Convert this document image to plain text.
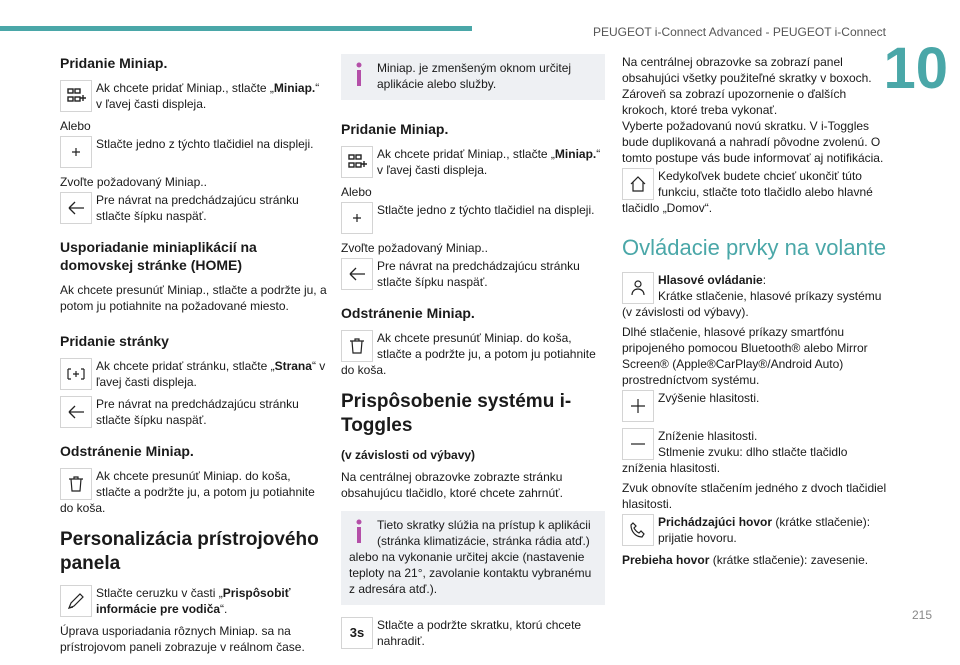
PEUGEOT i-Connect Advanced - PEUGEOT i-Connect
10
215
Pridanie Miniap.
Ak chcete pridať Miniap., stlačte „Miniap.“ v ľavej časti displeja.
Alebo
Stlačte jedno z týchto tlačidiel na displeji.
Zvoľte požadovaný Miniap..
Pre návrat na predchádzajúcu stránku stlačte šípku naspäť.
Usporiadanie miniaplikácií na domovskej stránke (HOME)

Ak chcete presunúť Miniap., stlačte a podržte ju, a potom ju potiahnite na požadované miesto.

Pridanie stránky
Ak chcete pridať stránku, stlačte „Strana“ v ľavej časti displeja.
Pre návrat na predchádzajúcu stránku stlačte šípku naspäť.
Odstránenie Miniap.
Ak chcete presunúť Miniap. do koša, stlačte a podržte ju, a potom ju potiahnite do koša.
Personalizácia prístrojového panela
Stlačte ceruzku v časti „Prispôsobiť informácie pre vodiča“.

Úprava usporiadania rôznych Miniap. sa na prístrojovom paneli zobrazuje v reálnom čase.

Miniap. je zmenšeným oknom určitej aplikácie alebo služby.
Pridanie Miniap.
Ak chcete pridať Miniap., stlačte „Miniap.“ v ľavej časti displeja.
Alebo
Stlačte jedno z týchto tlačidiel na displeji.
Zvoľte požadovaný Miniap..
Pre návrat na predchádzajúcu stránku stlačte šípku naspäť.
Odstránenie Miniap.
Ak chcete presunúť Miniap. do koša, stlačte a podržte ju, a potom ju potiahnite do koša.
Prispôsobenie systému i-Toggles
(v závislosti od výbavy)

Na centrálnej obrazovke zobrazte stránku obsahujúcu tlačidlo, ktoré chcete zahrnúť.

Tieto skratky slúžia na prístup k aplikácii (stránka klimatizácie, stránka rádia atď.) alebo na vykonanie určitej akcie (nastavenie teploty na 21°, zavolanie kontaktu vybranému z adresára atď.).
3s	Stlačte a podržte skratku, ktorú chcete nahradiť.

Na centrálnej obrazovke sa zobrazí panel obsahujúci všetky použiteľné skratky v boxoch. Zároveň sa zobrazí upozornenie o ďalších krokoch, ktoré treba vykonať.

Vyberte požadovanú novú skratku. V i-Toggles bude duplikovaná a nahradí pôvodne zvolenú. O tomto postupe vás bude informovať aj notifikácia.

Kedykoľvek budete chcieť ukončiť túto funkciu, stlačte toto tlačidlo alebo hlavné tlačidlo „Domov“.
Ovládacie prvky na volante
Hlasové ovládanie:
Krátke stlačenie, hlasové príkazy systému (v závislosti od výbavy).

Dlhé stlačenie, hlasové príkazy smartfónu pripojeného pomocou Bluetooth® alebo Mirror Screen® (Apple®CarPlay®/Android Auto) prostredníctvom systému.

Zvýšenie hlasitosti.
Zníženie hlasitosti.
Stlmenie zvuku: dlho stlačte tlačidlo zníženia hlasitosti.

Zvuk obnovíte stlačením jedného z dvoch tlačidiel hlasitosti.

Prichádzajúci hovor (krátke stlačenie): prijatie hovoru.

Prebieha hovor (krátke stlačenie): zavesenie.
